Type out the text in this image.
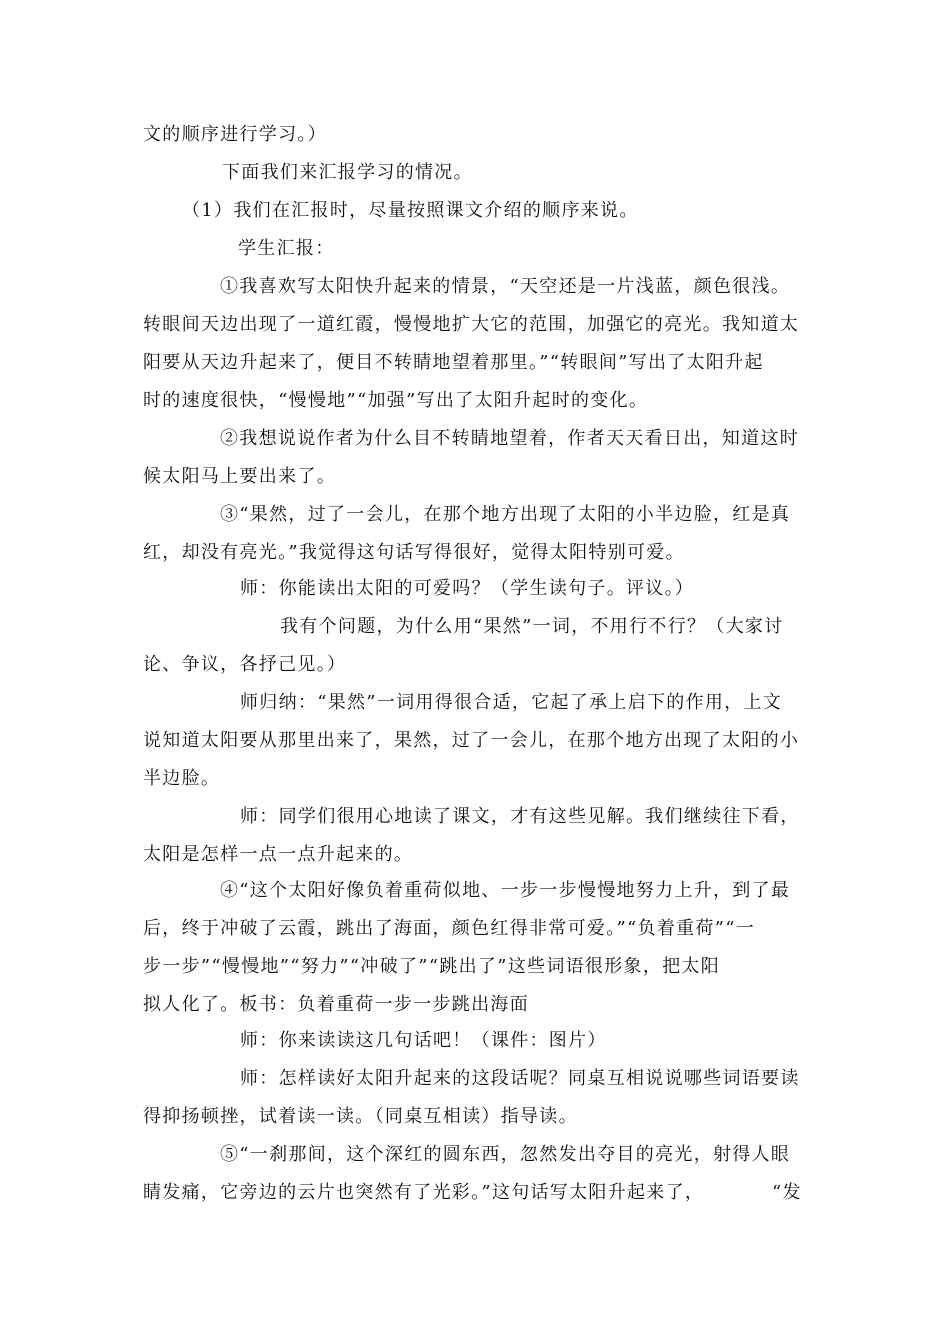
文的顺序进行学习。）
下面我们来汇报学习的情况。
（1）我们在汇报时，尽量按照课文介绍的顺序来说。
学生汇报：
①我喜欢写太阳快升起来的情景，“天空还是一片浅蓝，颜色很浅。
转眼间天边出现了一道红霞，慢慢地扩大它的范围，加强它的亮光。我知道太
阳要从天边升起来了，便目不转睛地望着那里。”“转眼间”写出了太阳升起
时的速度很快，“慢慢地”“加强”写出了太阳升起时的变化。
②我想说说作者为什么目不转睛地望着，作者天天看日出，知道这时
候太阳马上要出来了。
③“果然，过了一会儿，在那个地方出现了太阳的小半边脸，红是真
红，却没有亮光。”我觉得这句话写得很好，觉得太阳特别可爱。
师：你能读出太阳的可爱吗？（学生读句子。评议。）
我有个问题，为什么用“果然”一词，不用行不行？（大家讨
论、争议，各抒己见。）
师归纳：“果然”一词用得很合适，它起了承上启下的作用，上文
说知道太阳要从那里出来了，果然，过了一会儿，在那个地方出现了太阳的小
半边脸。
师：同学们很用心地读了课文，才有这些见解。我们继续往下看，
太阳是怎样一点一点升起来的。
④“这个太阳好像负着重荷似地、一步一步慢慢地努力上升，到了最
后，终于冲破了云霞，跳出了海面，颜色红得非常可爱。”“负着重荷”“一
步一步”“慢慢地”“努力”“冲破了”“跳出了”这些词语很形象，把太阳
拟人化了。板书：负着重荷一步一步跳出海面
师：你来读读这几句话吧！（课件：图片）
师：怎样读好太阳升起来的这段话呢？同桌互相说说哪些词语要读
得抑扬顿挫，试着读一读。（同桌互相读）指导读。
⑤“一刹那间，这个深红的圆东西，忽然发出夺目的亮光，射得人眼
睛发痛，它旁边的云片也突然有了光彩。”这句话写太阳升起来了，	“发
